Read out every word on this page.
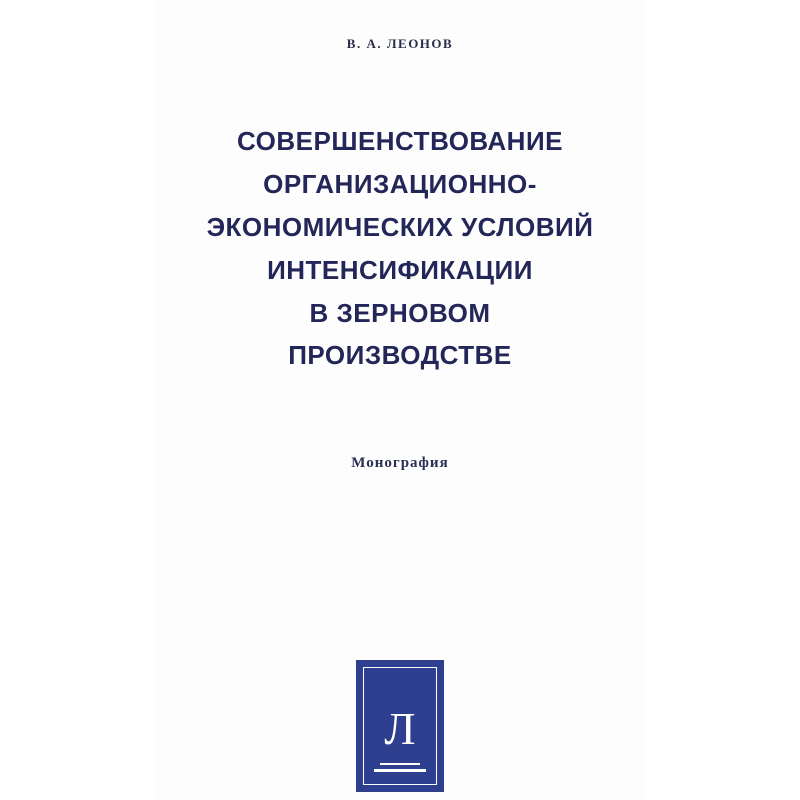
В. А. ЛЕОНОВ
СОВЕРШЕНСТВОВАНИЕ
ОРГАНИЗАЦИОННО-
ЭКОНОМИЧЕСКИХ УСЛОВИЙ
ИНТЕНСИФИКАЦИИ
В ЗЕРНОВОМ
ПРОИЗВОДСТВЕ
Монография
Л
